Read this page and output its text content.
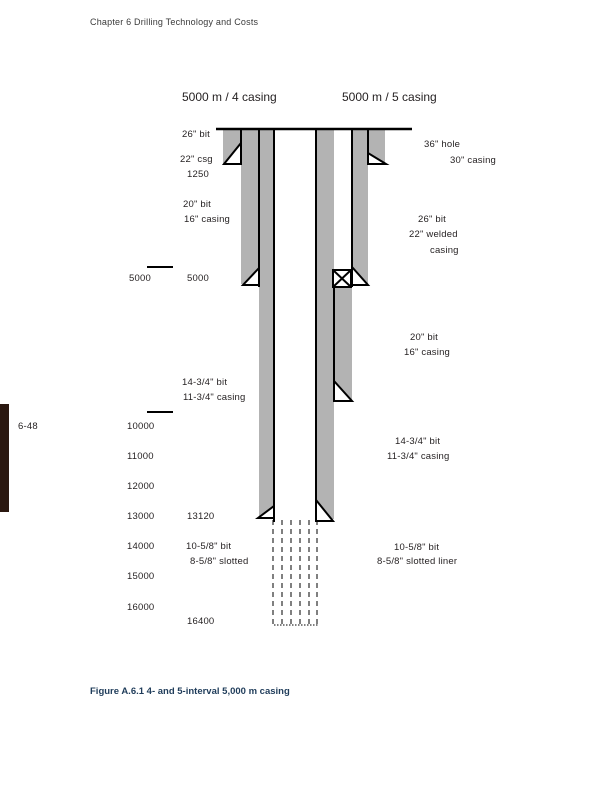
Chapter 6 Drilling Technology and Costs
6-48
5000 m / 4 casing	5000 m / 5 casing
5000
10000
11000
12000
13000
14000
15000
16000
26" bit
22" csg
1250
20" bit
16" casing
5000
14-3/4" bit
11-3/4" casing
13120
10-5/8" bit
8-5/8" slotted
16400
36" hole
30" casing
26" bit
22" welded
casing
20" bit
16" casing
14-3/4" bit
11-3/4" casing
10-5/8" bit
8-5/8" slotted liner
Figure A.6.1 4- and 5-interval 5,000 m casing
